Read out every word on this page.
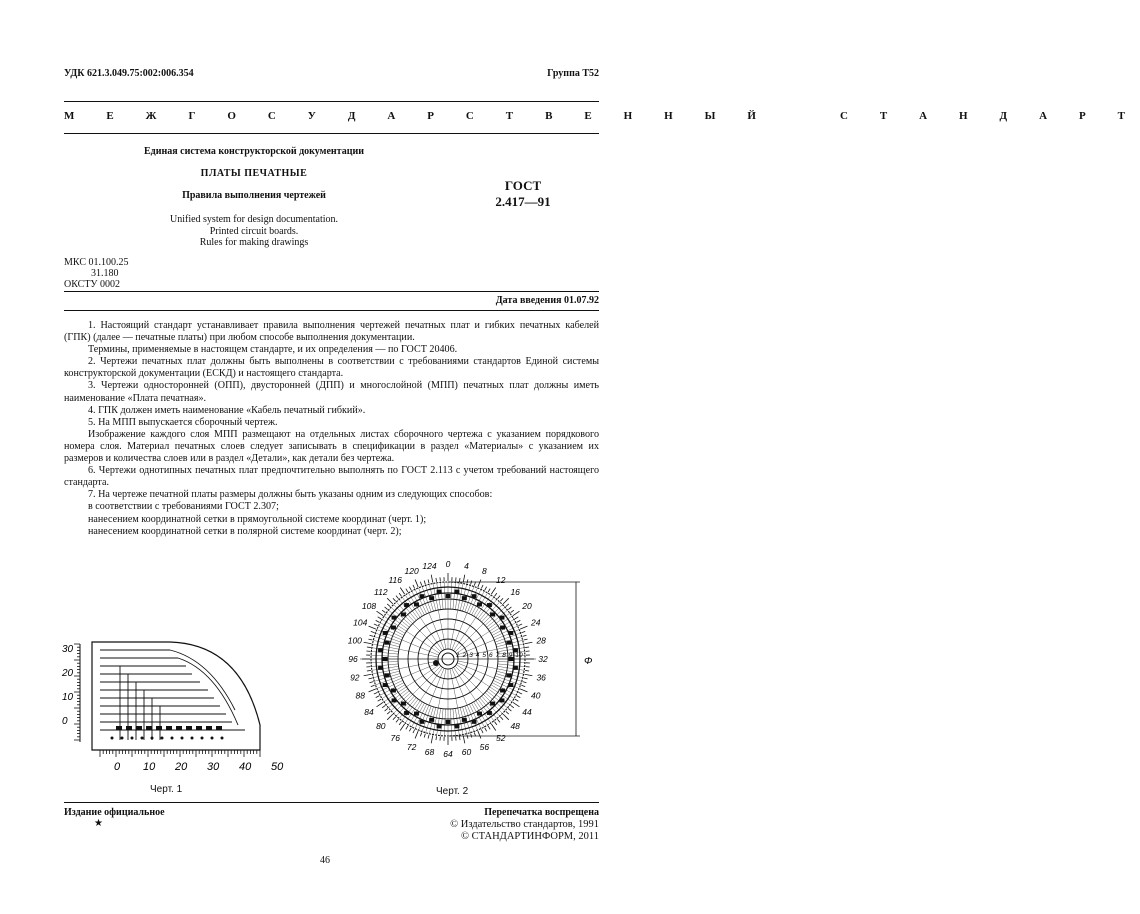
УДК 621.3.049.75:002:006.354	Группа Т52
М Е Ж Г О С У Д А Р С Т В Е Н Н Ы Й    С Т А Н Д А Р Т
Единая система конструкторской документации
ПЛАТЫ ПЕЧАТНЫЕ
Правила выполнения чертежей
Unified system for design documentation.
Printed circuit boards.
Rules for making drawings
ГОСТ
2.417—91
МКС 01.100.25
31.180
ОКСТУ 0002
Дата введения 01.07.92

1. Настоящий стандарт устанавливает правила выполнения чертежей печатных плат и гибких печатных кабелей (ГПК) (далее — печатные платы) при любом способе выполнения документации.

Термины, применяемые в настоящем стандарте, и их определения — по ГОСТ 20406.

2. Чертежи печатных плат должны быть выполнены в соответствии с требованиями стандартов Единой системы конструкторской документации (ЕСКД) и настоящего стандарта.

3. Чертежи односторонней (ОПП), двусторонней (ДПП) и многослойной (МПП) печатных плат должны иметь наименование «Плата печатная».

4. ГПК должен иметь наименование «Кабель печатный гибкий».

5. На МПП выпускается сборочный чертеж.

Изображение каждого слоя МПП размещают на отдельных листах сборочного чертежа с указанием порядкового номера слоя. Материал печатных слоев следует записывать в спецификации в раздел «Материалы» с указанием их размеров и количества слоев или в раздел «Детали», как детали без чертежа.

6. Чертежи однотипных печатных плат предпочтительно выполнять по ГОСТ 2.113 с учетом требований настоящего стандарта.

7. На чертеже печатной платы размеры должны быть указаны одним из следующих способов:

в соответствии с требованиями ГОСТ 2.307;

нанесением координатной сетки в прямоугольной системе координат (черт. 1);

нанесением координатной сетки в полярной системе координат (черт. 2);

30
20
10
0
0 10 20 30 40 50
Черт. 1
1 2 3 4 5 6 7 8 9 10
0 4
8
12
16
20
24
28
32
36
40
44
48
52
56
60
64
68
72
76
80
84
88
92
96
100
104
108
112
116
120
124
Φ
Черт. 2
Издание официальное
★
Перепечатка воспрещена
© Издательство стандартов, 1991
© СТАНДАРТИНФОРМ, 2011
46
